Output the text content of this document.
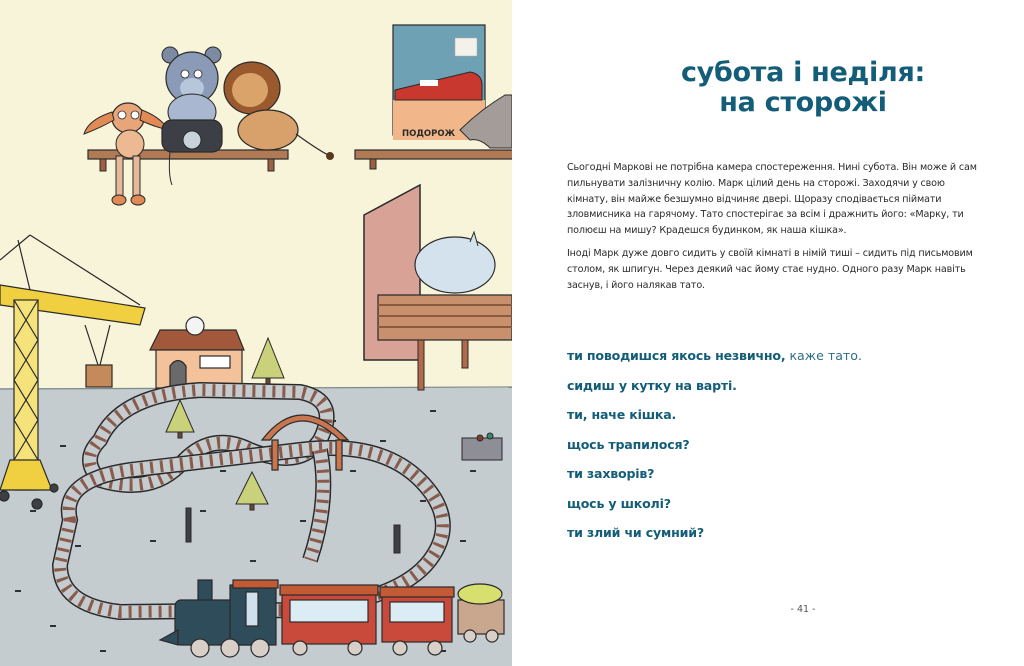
ПОДОРОЖ
субота і неділя:
на сторожі

Сьогодні Маркові не потрібна камера спостереження. Нині субота. Він може й сам пильнувати залізничну колію. Марк цілий день на сторожі. Заходячи у свою кімнату, він майже безшумно відчиняє двері. Щоразу сподівається піймати зловмисника на гарячому. Тато спостерігає за всім і дражнить його: «Марку, ти полюєш на мишу? Крадешся будинком, як наша кішка».

Іноді Марк дуже довго сидить у своїй кімнаті в німій тиші – сидить під письмовим столом, як шпигун. Через деякий час йому стає нудно. Одного разу Марк навіть заснув, і його налякав тато.

ти поводишся якось незвично, каже тато.
сидиш у кутку на варті.
ти, наче кішка.
щось трапилося?
ти захворів?
щось у школі?
ти злий чи сумний?
- 41 -
